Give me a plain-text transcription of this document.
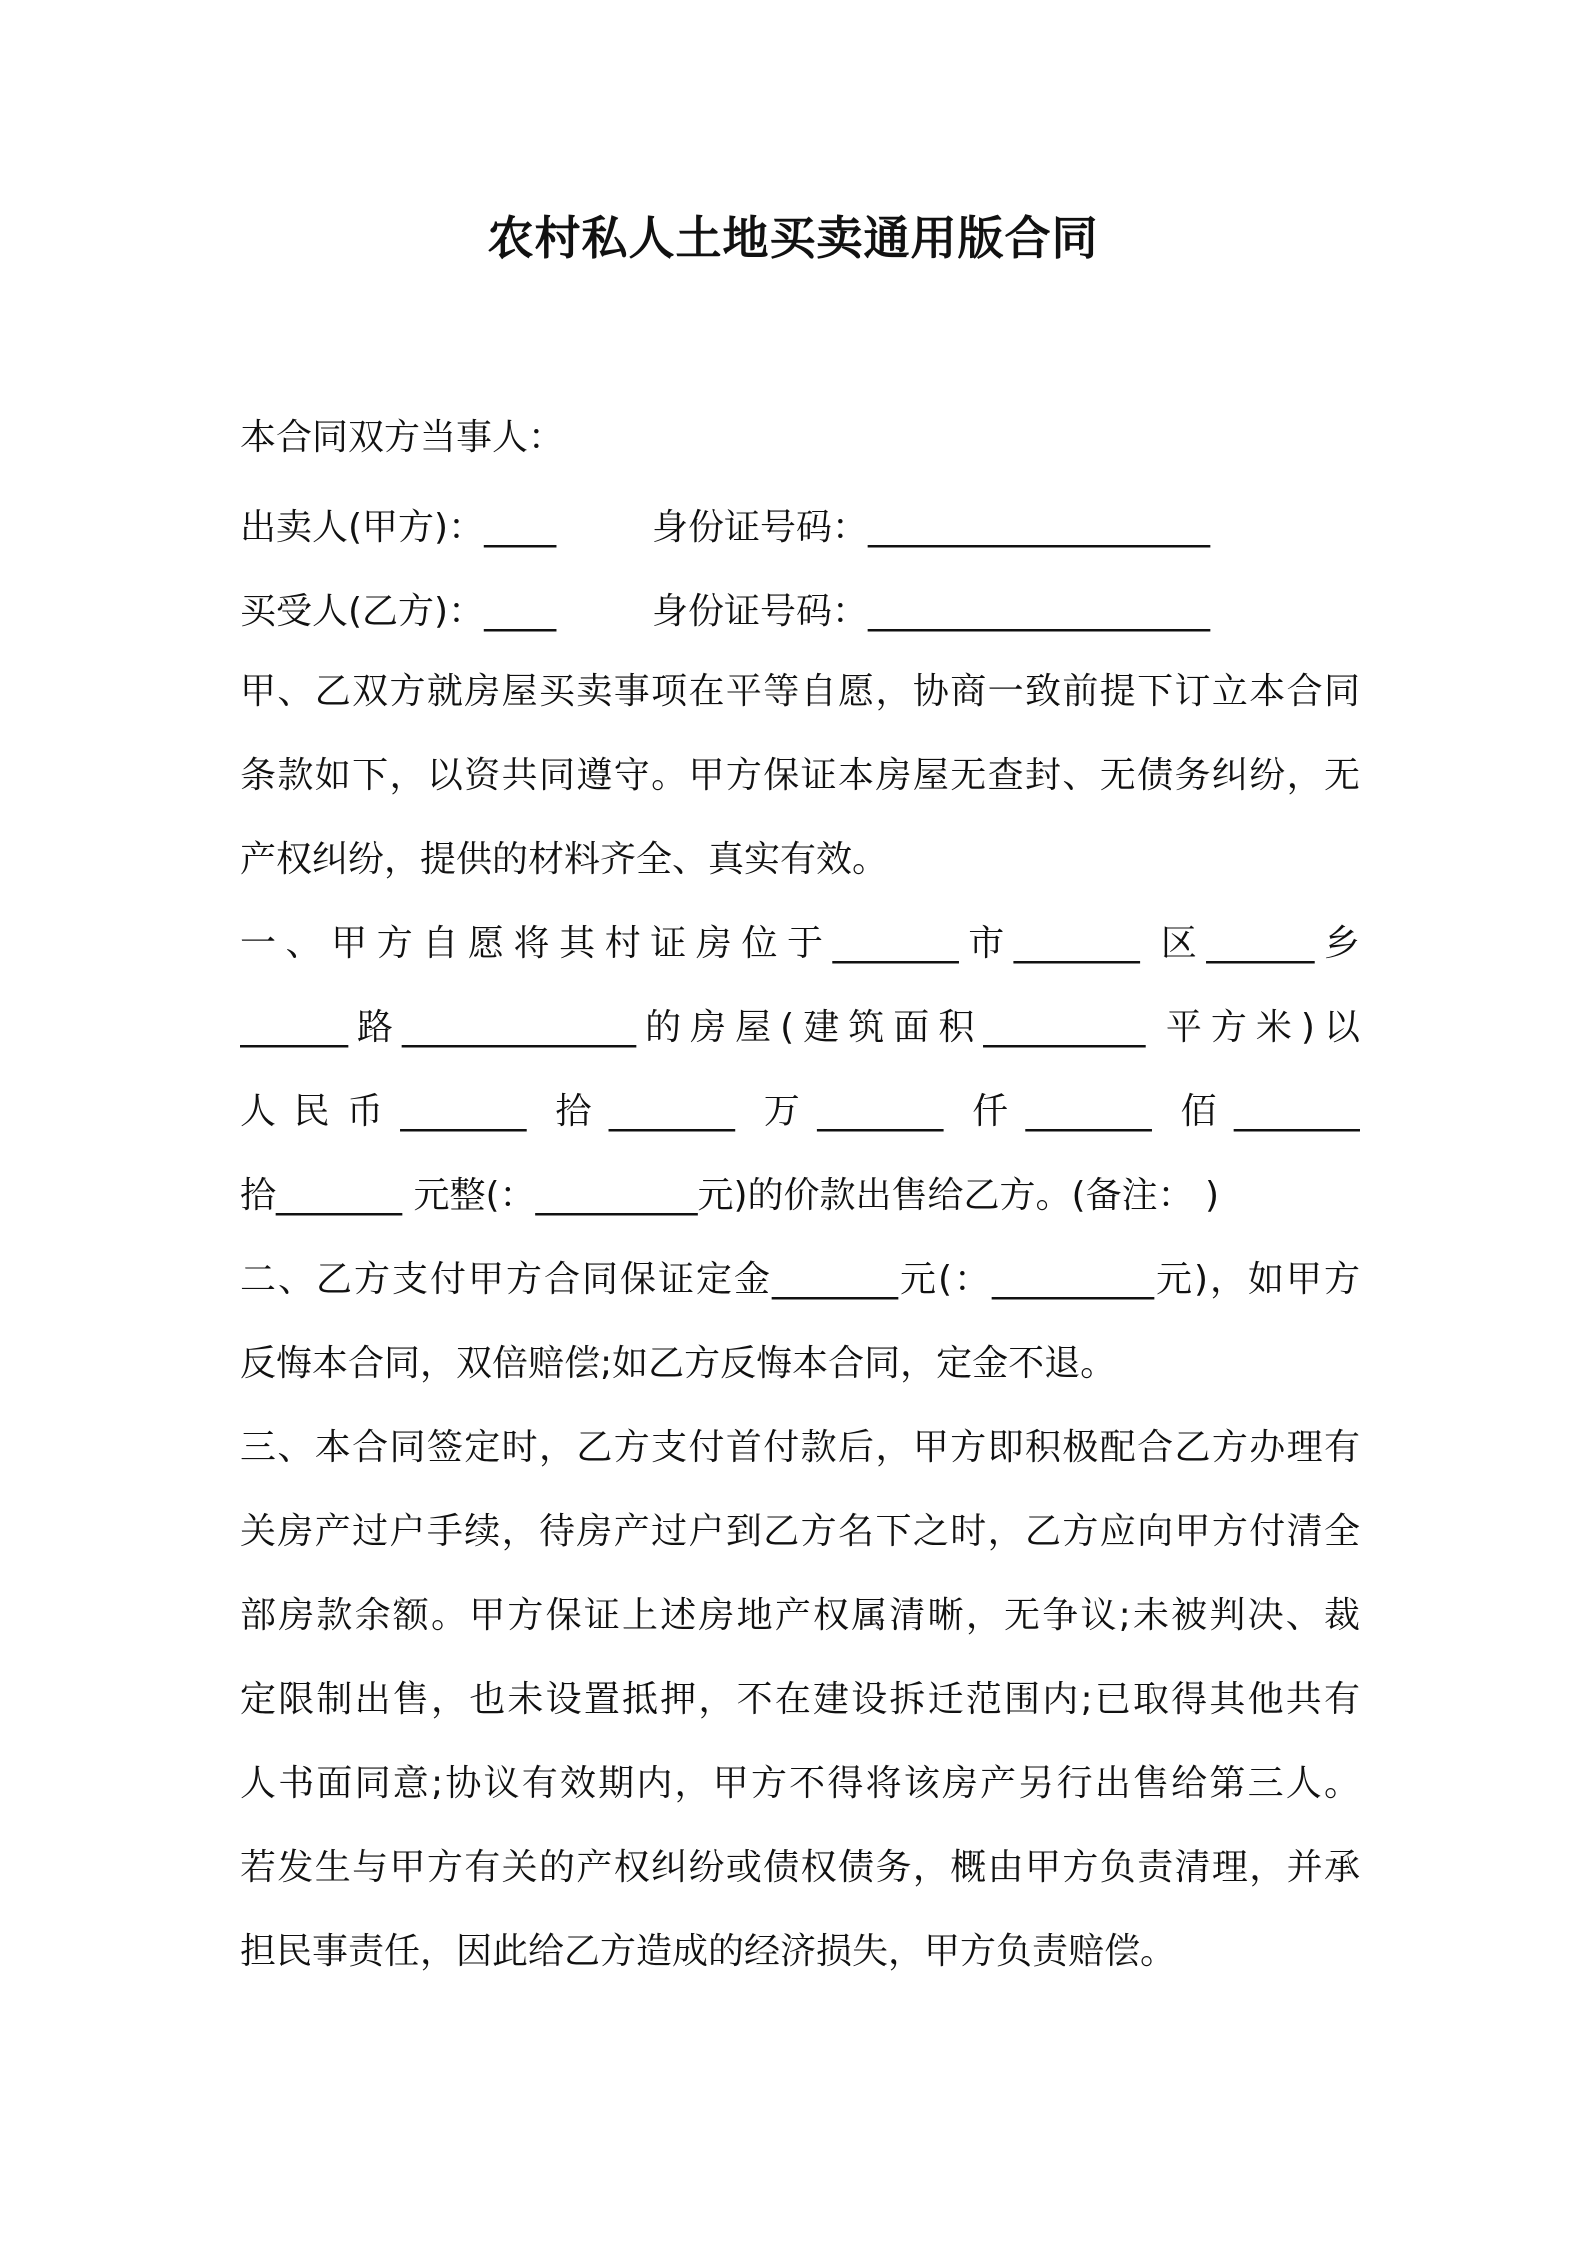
农村私人土地买卖通用版合同
本合同双方当事人：
出卖人(甲方)：____	身份证号码：___________________
买受人(乙方)：____	身份证号码：___________________
甲、乙双方就房屋买卖事项在平等自愿，协商一致前提下订立本合同
条款如下，以资共同遵守。甲方保证本房屋无查封、无债务纠纷，无
产权纠纷，提供的材料齐全、真实有效。
一、甲方自愿将其村证房位于_______市_______ 区______乡
______路_____________的房屋(建筑面积_________ 平方米)以
人民币_______ 拾_______ 万_______ 仟_______ 佰_______
拾_______ 元整(：_________元)的价款出售给乙方。(备注： )
二、乙方支付甲方合同保证定金_______元(：_________元)，如甲方
反悔本合同，双倍赔偿;如乙方反悔本合同，定金不退。
三、本合同签定时，乙方支付首付款后，甲方即积极配合乙方办理有
关房产过户手续，待房产过户到乙方名下之时，乙方应向甲方付清全
部房款余额。甲方保证上述房地产权属清晰，无争议;未被判决、裁
定限制出售，也未设置抵押，不在建设拆迁范围内;已取得其他共有
人书面同意;协议有效期内，甲方不得将该房产另行出售给第三人。
若发生与甲方有关的产权纠纷或债权债务，概由甲方负责清理，并承
担民事责任，因此给乙方造成的经济损失，甲方负责赔偿。
